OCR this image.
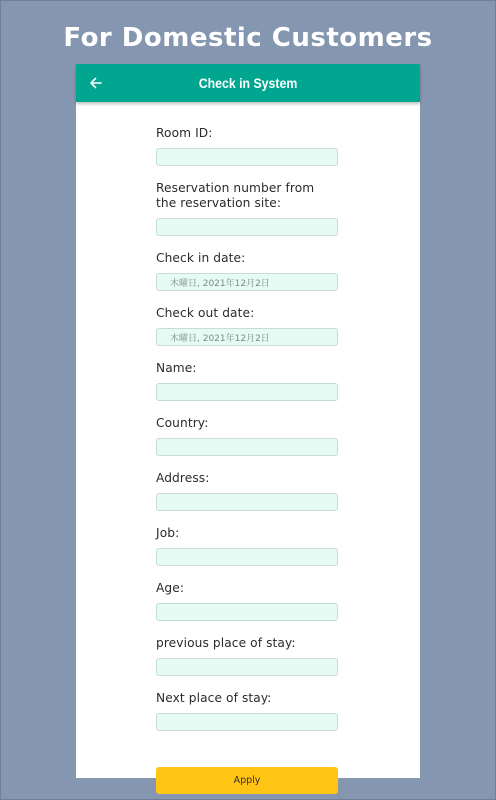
For Domestic Customers
Check in System
Room ID:
Reservation number from the reservation site:
Check in date:
木曜日, 2021年12月2日
Check out date:
木曜日, 2021年12月2日
Name:
Country:
Address:
Job:
Age:
previous place of stay:
Next place of stay:
Apply
